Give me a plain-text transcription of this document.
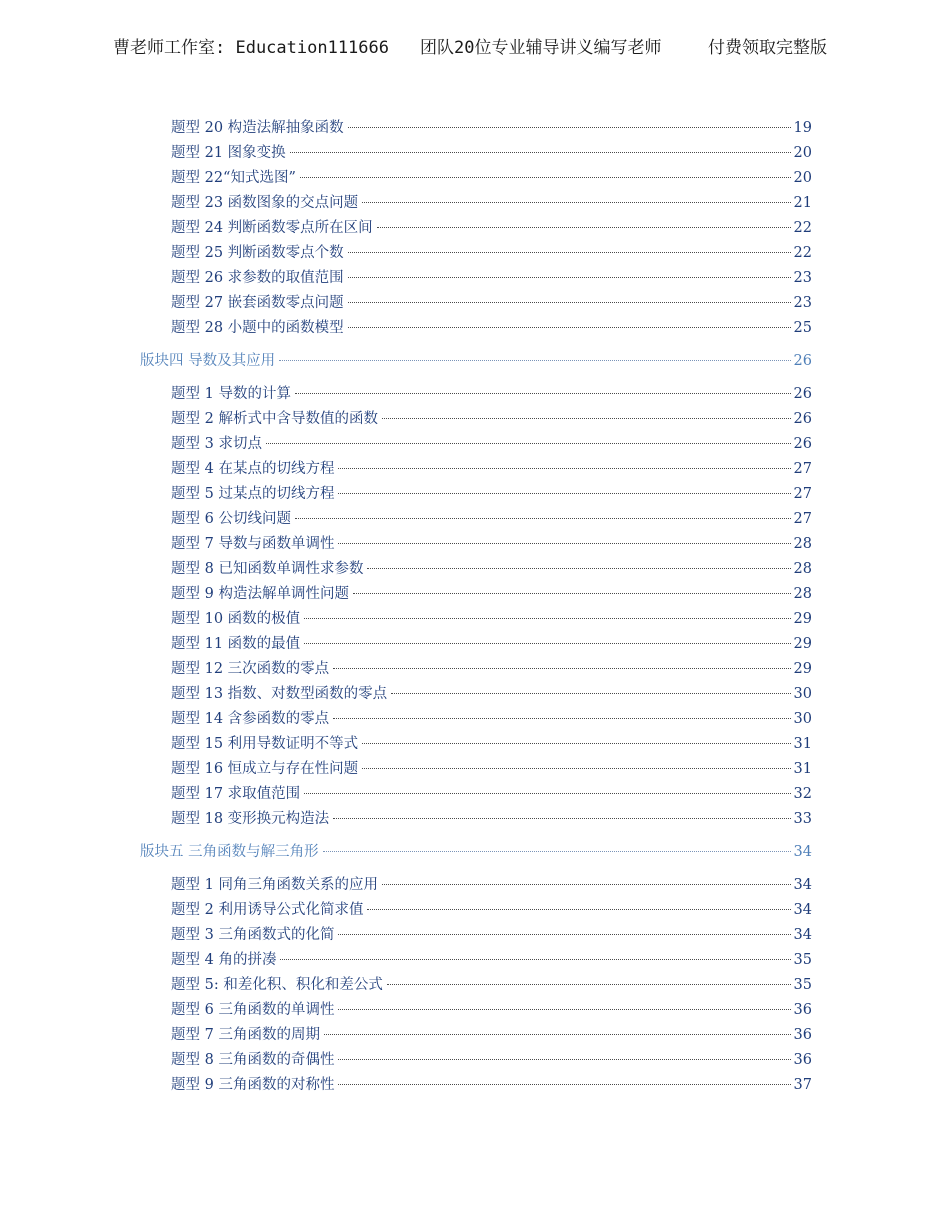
曹老师工作室: Education111666 团队20位专业辅导讲义编写老师	付费领取完整版
题型 20 构造法解抽象函数	19
题型 21 图象变换	20
题型 22“知式选图”	20
题型 23 函数图象的交点问题	21
题型 24 判断函数零点所在区间	22
题型 25 判断函数零点个数	22
题型 26 求参数的取值范围	23
题型 27 嵌套函数零点问题	23
题型 28 小题中的函数模型	25
版块四 导数及其应用	26
题型 1 导数的计算	26
题型 2 解析式中含导数值的函数	26
题型 3 求切点	26
题型 4 在某点的切线方程	27
题型 5 过某点的切线方程	27
题型 6 公切线问题	27
题型 7 导数与函数单调性	28
题型 8 已知函数单调性求参数	28
题型 9 构造法解单调性问题	28
题型 10 函数的极值	29
题型 11 函数的最值	29
题型 12 三次函数的零点	29
题型 13 指数、对数型函数的零点	30
题型 14 含参函数的零点	30
题型 15 利用导数证明不等式	31
题型 16 恒成立与存在性问题	31
题型 17 求取值范围	32
题型 18 变形换元构造法	33
版块五 三角函数与解三角形	34
题型 1 同角三角函数关系的应用	34
题型 2 利用诱导公式化简求值	34
题型 3 三角函数式的化简	34
题型 4 角的拼凑	35
题型 5: 和差化积、积化和差公式	35
题型 6 三角函数的单调性	36
题型 7 三角函数的周期	36
题型 8 三角函数的奇偶性	36
题型 9 三角函数的对称性	37
